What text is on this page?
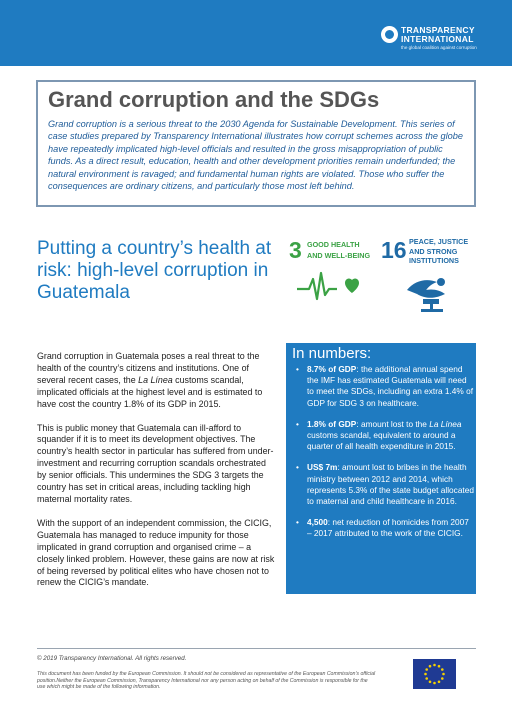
TRANSPARENCY
INTERNATIONAL
the global coalition against corruption
Grand corruption and the SDGs
Grand corruption is a serious threat to the 2030 Agenda for Sustainable Development. This series of case studies prepared by Transparency International illustrates how corrupt schemes across the globe have repeatedly implicated high-level officials and resulted in the gross misappropriation of public funds. As a direct result, education, health and other development priorities remain underfunded; the natural environment is ravaged; and fundamental human rights are violated. Those who suffer the consequences are ordinary citizens, and particularly those most left behind.
Putting a country’s health at risk: high-level corruption in Guatemala
3 GOOD HEALTH
AND WELL-BEING 16 PEACE, JUSTICE
AND STRONG
INSTITUTIONS

Grand corruption in Guatemala poses a real threat to the health of the country’s citizens and institutions. One of several recent cases, the La Línea customs scandal, implicated officials at the highest level and is estimated to have cost the country 1.8% of its GDP in 2015.

This is public money that Guatemala can ill-afford to squander if it is to meet its development objectives. The country’s health sector in particular has suffered from under-investment and recurring corruption scandals orchestrated by senior officials. This undermines the SDG 3 targets the country has set in critical areas, including tackling high maternal mortality rates.

With the support of an independent commission, the CICIG, Guatemala has managed to reduce impunity for those implicated in grand corruption and organised crime – a closely linked problem. However, these gains are now at risk of being reversed by political elites who have chosen not to renew the CICIG’s mandate.

In numbers:
• 8.7% of GDP: the additional annual spend the IMF has estimated Guatemala will need to meet the SDGs, including an extra 1.4% of GDP for SDG 3 on healthcare.
• 1.8% of GDP: amount lost to the La Línea customs scandal, equivalent to around a quarter of all health expenditure in 2015.
• US$ 7m: amount lost to bribes in the health ministry between 2012 and 2014, which represents 5.3% of the state budget allocated to maternal and child healthcare in 2016.
• 4,500: net reduction of homicides from 2007 – 2017 attributed to the work of the CICIG.
© 2019 Transparency International. All rights reserved.
This document has been funded by the European Commission. It should not be considered as representative of the European Commission’s official position.Neither the European Commission, Transparency International nor any person acting on behalf of the Commission is responsible for the use which might be made of the following information.
